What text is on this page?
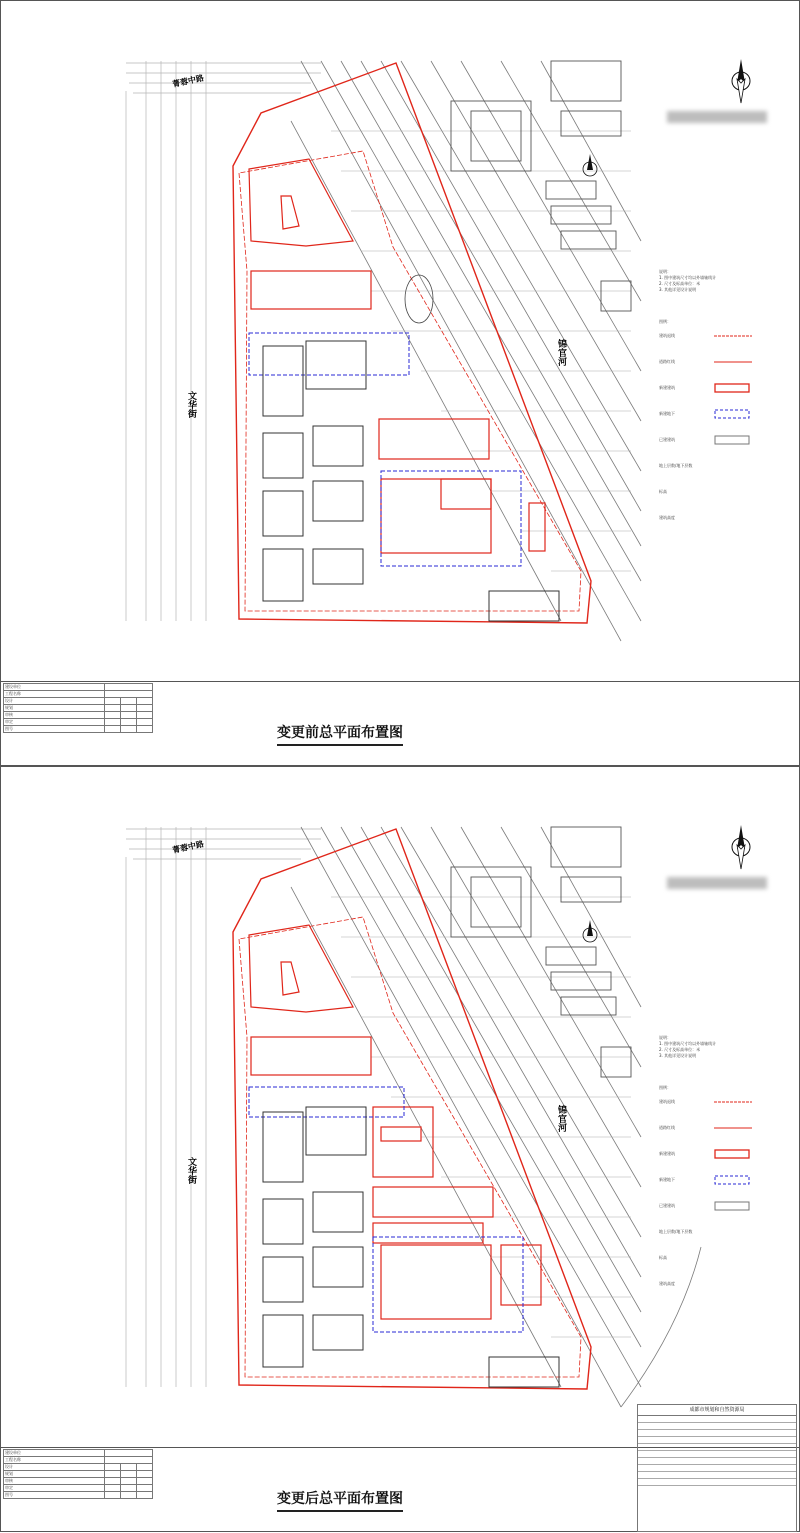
菁蓉中路
文华街
锦官河
说明：
1. 图中建筑尺寸均以外墙轴线计
2. 尺寸及标高单位：米
3. 其他详见设计说明
图例：
建筑退线
道路红线
新建建筑
新建地下
已建建筑
地上层数/地下层数
标高
建筑高度
建设单位			
工程名称			
设计			
规划			
审核			
审定			
图号				变更前总平面布置图
菁蓉中路
文华街
锦官河
说明：
1. 图中建筑尺寸均以外墙轴线计
2. 尺寸及标高单位：米
3. 其他详见设计说明
图例：
建筑退线
道路红线
新建建筑
新建地下
已建建筑
地上层数/地下层数
标高
建筑高度
建设单位			
工程名称			
设计			
规划			
审核			
审定			
图号				变更后总平面布置图
成都市规划和自然资源局
